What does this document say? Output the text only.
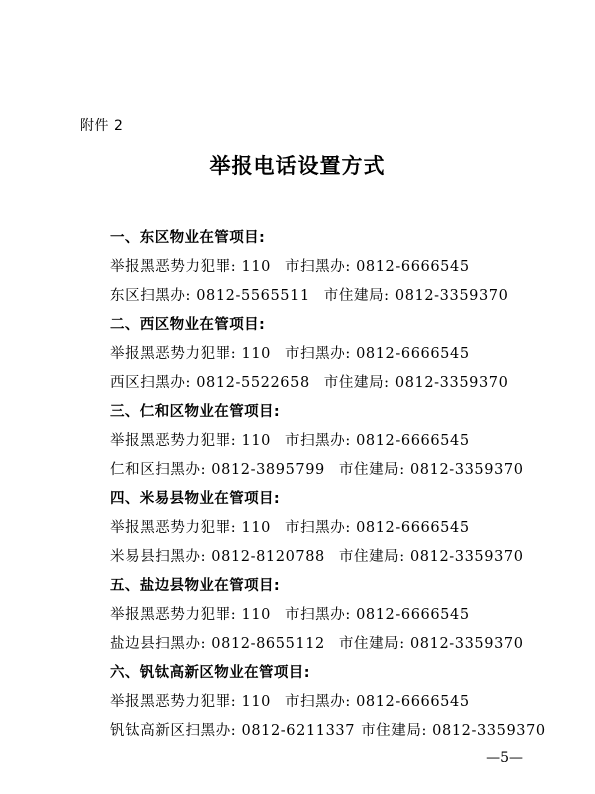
附件 2
举报电话设置方式
一、东区物业在管项目:
举报黑恶势力犯罪: 110 市扫黑办: 0812-6666545
东区扫黑办: 0812-5565511 市住建局: 0812-3359370
二、西区物业在管项目:
举报黑恶势力犯罪: 110 市扫黑办: 0812-6666545
西区扫黑办: 0812-5522658 市住建局: 0812-3359370
三、仁和区物业在管项目:
举报黑恶势力犯罪: 110 市扫黑办: 0812-6666545
仁和区扫黑办: 0812-3895799 市住建局: 0812-3359370
四、米易县物业在管项目:
举报黑恶势力犯罪: 110 市扫黑办: 0812-6666545
米易县扫黑办: 0812-8120788 市住建局: 0812-3359370
五、盐边县物业在管项目:
举报黑恶势力犯罪: 110 市扫黑办: 0812-6666545
盐边县扫黑办: 0812-8655112 市住建局: 0812-3359370
六、钒钛高新区物业在管项目:
举报黑恶势力犯罪: 110 市扫黑办: 0812-6666545
钒钛高新区扫黑办: 0812-6211337 市住建局: 0812-3359370
—5—
